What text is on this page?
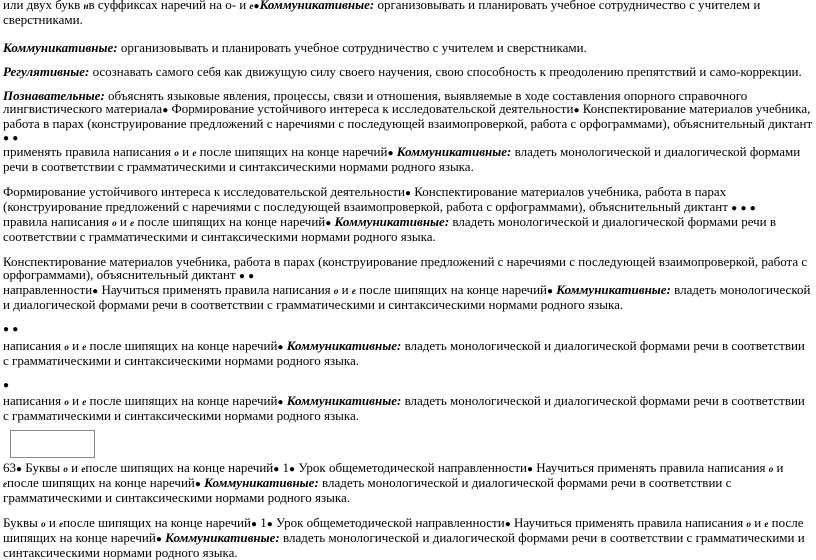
или двух букв нв суффиксах наречий на о- и е●Коммуникативные: организовывать и планировать учебное сотрудничество с учителем и сверстниками.

Коммуникативные: организовывать и планировать учебное сотрудничество с учителем и сверстниками.

Регулятивные: осознавать самого себя как движущую силу своего научения, свою способность к преодолению препятствий и само-коррекции.

Познавательные: объяснять языковые явления, процессы, связи и отношения, выявляемые в ходе составления опорного справочного лингвистического материала● Формирование устойчивого интереса к исследовательской деятельности● Конспектирование материалов учебника, работа в парах (конструирование предложений с наречиями с последующей взаимопроверкой, работа с орфограммами), объяснительный диктант ● ●
применять правила написания о и е после шипящих на конце наречий● Коммуникативные: владеть монологической и диалогической формами речи в соответствии с грамматическими и синтаксическими нормами родного языка.

Формирование устойчивого интереса к исследовательской деятельности● Конспектирование материалов учебника, работа в парах (конструирование предложений с наречиями с последующей взаимопроверкой, работа с орфограммами), объяснительный диктант ● ● ●
правила написания о и е после шипящих на конце наречий● Коммуникативные: владеть монологической и диалогической формами речи в соответствии с грамматическими и синтаксическими нормами родного языка.

Конспектирование материалов учебника, работа в парах (конструирование предложений с наречиями с последующей взаимопроверкой, работа с орфограммами), объяснительный диктант ● ●
направленности● Научиться применять правила написания о и е после шипящих на конце наречий● Коммуникативные: владеть монологической и диалогической формами речи в соответствии с грамматическими и синтаксическими нормами родного языка.

● ●

написания о и е после шипящих на конце наречий● Коммуникативные: владеть монологической и диалогической формами речи в соответствии с грамматическими и синтаксическими нормами родного языка.

●

написания о и е после шипящих на конце наречий● Коммуникативные: владеть монологической и диалогической формами речи в соответствии с грамматическими и синтаксическими нормами родного языка.

63● Буквы о и епосле шипящих на конце наречий● 1● Урок общеметодической направленности● Научиться применять правила написания о и епосле шипящих на конце наречий● Коммуникативные: владеть монологической и диалогической формами речи в соответствии с грамматическими и синтаксическими нормами родного языка.

Буквы о и епосле шипящих на конце наречий● 1● Урок общеметодической направленности● Научиться применять правила написания о и е после шипящих на конце наречий● Коммуникативные: владеть монологической и диалогической формами речи в соответствии с грамматическими и синтаксическими нормами родного языка.
